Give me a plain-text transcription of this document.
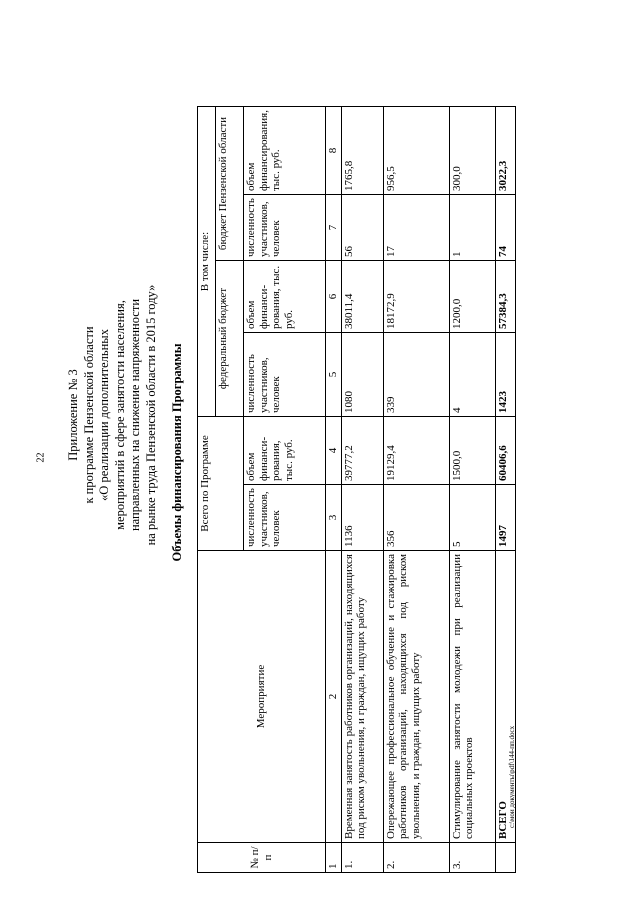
22
с:\мои документы\pdf\144-пп.docx
Приложение № 3 к программе Пензенской области «О реализации дополнительных мероприятий в сфере занятости населения, направленных на снижение напряженности на рынке труда Пензенской области в 2015 году» Объемы финансирования Программы
№ п/п	Мероприятие	Всего по Программе		В том числе:			
				федеральный бюджет		бюджет Пензенской области	
		численность участников, человек	объем финанси-рования, тыс. руб.	численность участников, человек	объем финанси-рования, тыс. руб.	численность участников, человек	объем финансирования, тыс. руб.
1	2	3	4	5	6	7	8
1.	Временная занятость работников организаций, находящихся под риском увольнения, и граждан, ищущих работу	1136	39777,2	1080	38011,4	56	1765,8
2.	Опережающее профессиональное обучение и стажировка работников организаций, находящихся под риском увольнения, и граждан, ищущих работу	356	19129,4	339	18172,9	17	956,5
3.	Стимулирование занятости молодежи при реализации социальных проектов	5	1500,0	4	1200,0	1	300,0
	ВСЕГО	1497	60406,6	1423	57384,3	74	3022,3
